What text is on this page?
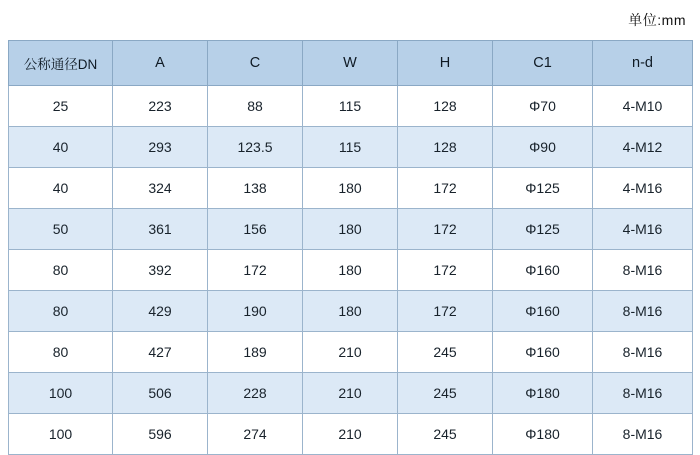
单位:mm
公称通径DN	A	C	W	H	C1	n-d
25	223	88	115	128	Φ70	4-M10
40	293	123.5	115	128	Φ90	4-M12
40	324	138	180	172	Φ125	4-M16
50	361	156	180	172	Φ125	4-M16
80	392	172	180	172	Φ160	8-M16
80	429	190	180	172	Φ160	8-M16
80	427	189	210	245	Φ160	8-M16
100	506	228	210	245	Φ180	8-M16
100	596	274	210	245	Φ180	8-M16
